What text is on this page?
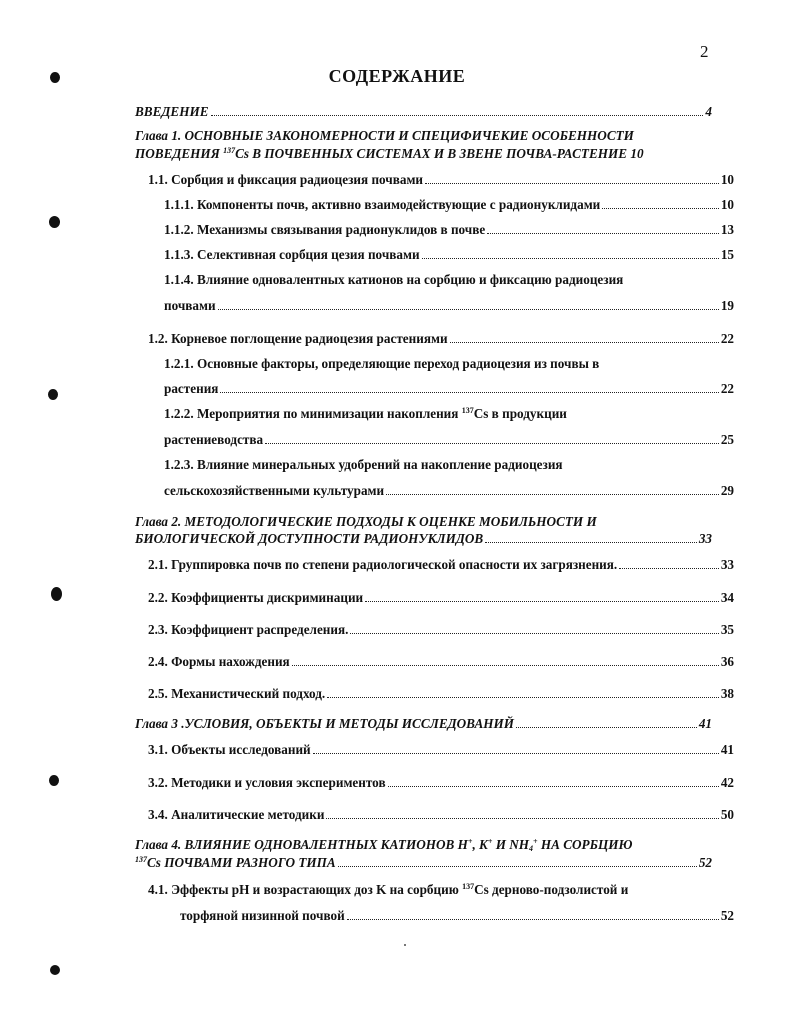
2
СОДЕРЖАНИЕ
ВВЕДЕНИЕ	4
Глава 1. ОСНОВНЫЕ ЗАКОНОМЕРНОСТИ И СПЕЦИФИЧЕКИЕ ОСОБЕННОСТИ
ПОВЕДЕНИЯ $^{137}$Cs В ПОЧВЕННЫХ СИСТЕМАХ И В ЗВЕНЕ ПОЧВА-РАСТЕНИЕ 10
1.1. Сорбция и фиксация радиоцезия почвами	10
1.1.1. Компоненты почв, активно взаимодействующие с радионуклидами	10
1.1.2. Механизмы связывания радионуклидов в почве	13
1.1.3. Селективная сорбция цезия почвами	15
1.1.4. Влияние одновалентных катионов на сорбцию и фиксацию радиоцезия
почвами	19
1.2. Корневое поглощение радиоцезия растениями	22
1.2.1. Основные факторы, определяющие переход радиоцезия из почвы в
растения	22
1.2.2. Мероприятия по минимизации накопления $^{137}$Cs в продукции
растениеводства	25
1.2.3. Влияние минеральных удобрений на накопление радиоцезия
сельскохозяйственными культурами	29
Глава 2. МЕТОДОЛОГИЧЕСКИЕ ПОДХОДЫ К ОЦЕНКЕ МОБИЛЬНОСТИ И
БИОЛОГИЧЕСКОЙ ДОСТУПНОСТИ РАДИОНУКЛИДОВ	33
2.1. Группировка почв по степени радиологической опасности их загрязнения.	33
2.2. Коэффициенты дискриминации	34
2.3. Коэффициент распределения.	35
2.4. Формы нахождения	36
2.5. Механистический подход.	38
Глава 3 .УСЛОВИЯ, ОБЪЕКТЫ И МЕТОДЫ ИССЛЕДОВАНИЙ	41
3.1. Объекты исследований	41
3.2. Методики и условия экспериментов	42
3.4. Аналитические методики	50
Глава 4. ВЛИЯНИЕ ОДНОВАЛЕНТНЫХ КАТИОНОВ H+, K+ И $NH_4^+$ НА СОРБЦИЮ
$^{137}$Cs ПОЧВАМИ РАЗНОГО ТИПА	52
4.1. Эффекты pH и возрастающих доз K на сорбцию $^{137}$Cs дерново-подзолистой и
торфяной низинной почвой	52
